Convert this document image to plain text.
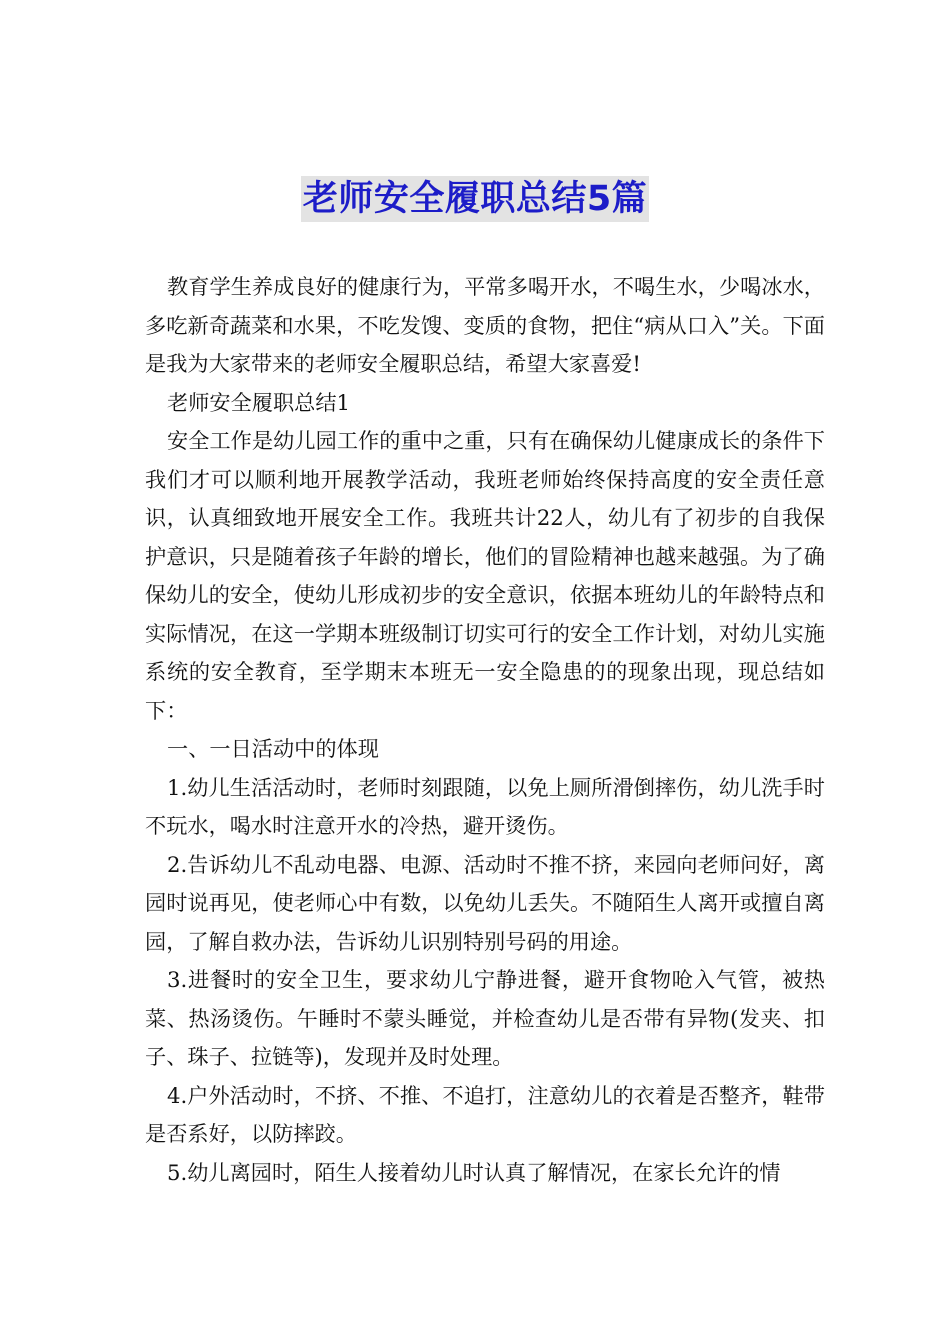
老师安全履职总结5篇

教育学生养成良好的健康行为，平常多喝开水，不喝生水，少喝冰水，多吃新奇蔬菜和水果，不吃发馊、变质的食物，把住“病从口入”关。下面是我为大家带来的老师安全履职总结，希望大家喜爱!

老师安全履职总结1

安全工作是幼儿园工作的重中之重，只有在确保幼儿健康成长的条件下我们才可以顺利地开展教学活动，我班老师始终保持高度的安全责任意识，认真细致地开展安全工作。我班共计22人，幼儿有了初步的自我保护意识，只是随着孩子年龄的增长，他们的冒险精神也越来越强。为了确保幼儿的安全，使幼儿形成初步的安全意识，依据本班幼儿的年龄特点和实际情况，在这一学期本班级制订切实可行的安全工作计划，对幼儿实施系统的安全教育，至学期末本班无一安全隐患的的现象出现，现总结如下：

一、一日活动中的体现

1.幼儿生活活动时，老师时刻跟随，以免上厕所滑倒摔伤，幼儿洗手时不玩水，喝水时注意开水的冷热，避开烫伤。

2.告诉幼儿不乱动电器、电源、活动时不推不挤，来园向老师问好，离园时说再见，使老师心中有数，以免幼儿丢失。不随陌生人离开或擅自离园，了解自救办法，告诉幼儿识别特别号码的用途。

3.进餐时的安全卫生，要求幼儿宁静进餐，避开食物呛入气管，被热菜、热汤烫伤。午睡时不蒙头睡觉，并检查幼儿是否带有异物(发夹、扣子、珠子、拉链等)，发现并及时处理。

4.户外活动时，不挤、不推、不追打，注意幼儿的衣着是否整齐，鞋带是否系好，以防摔跤。

5.幼儿离园时，陌生人接着幼儿时认真了解情况，在家长允许的情
